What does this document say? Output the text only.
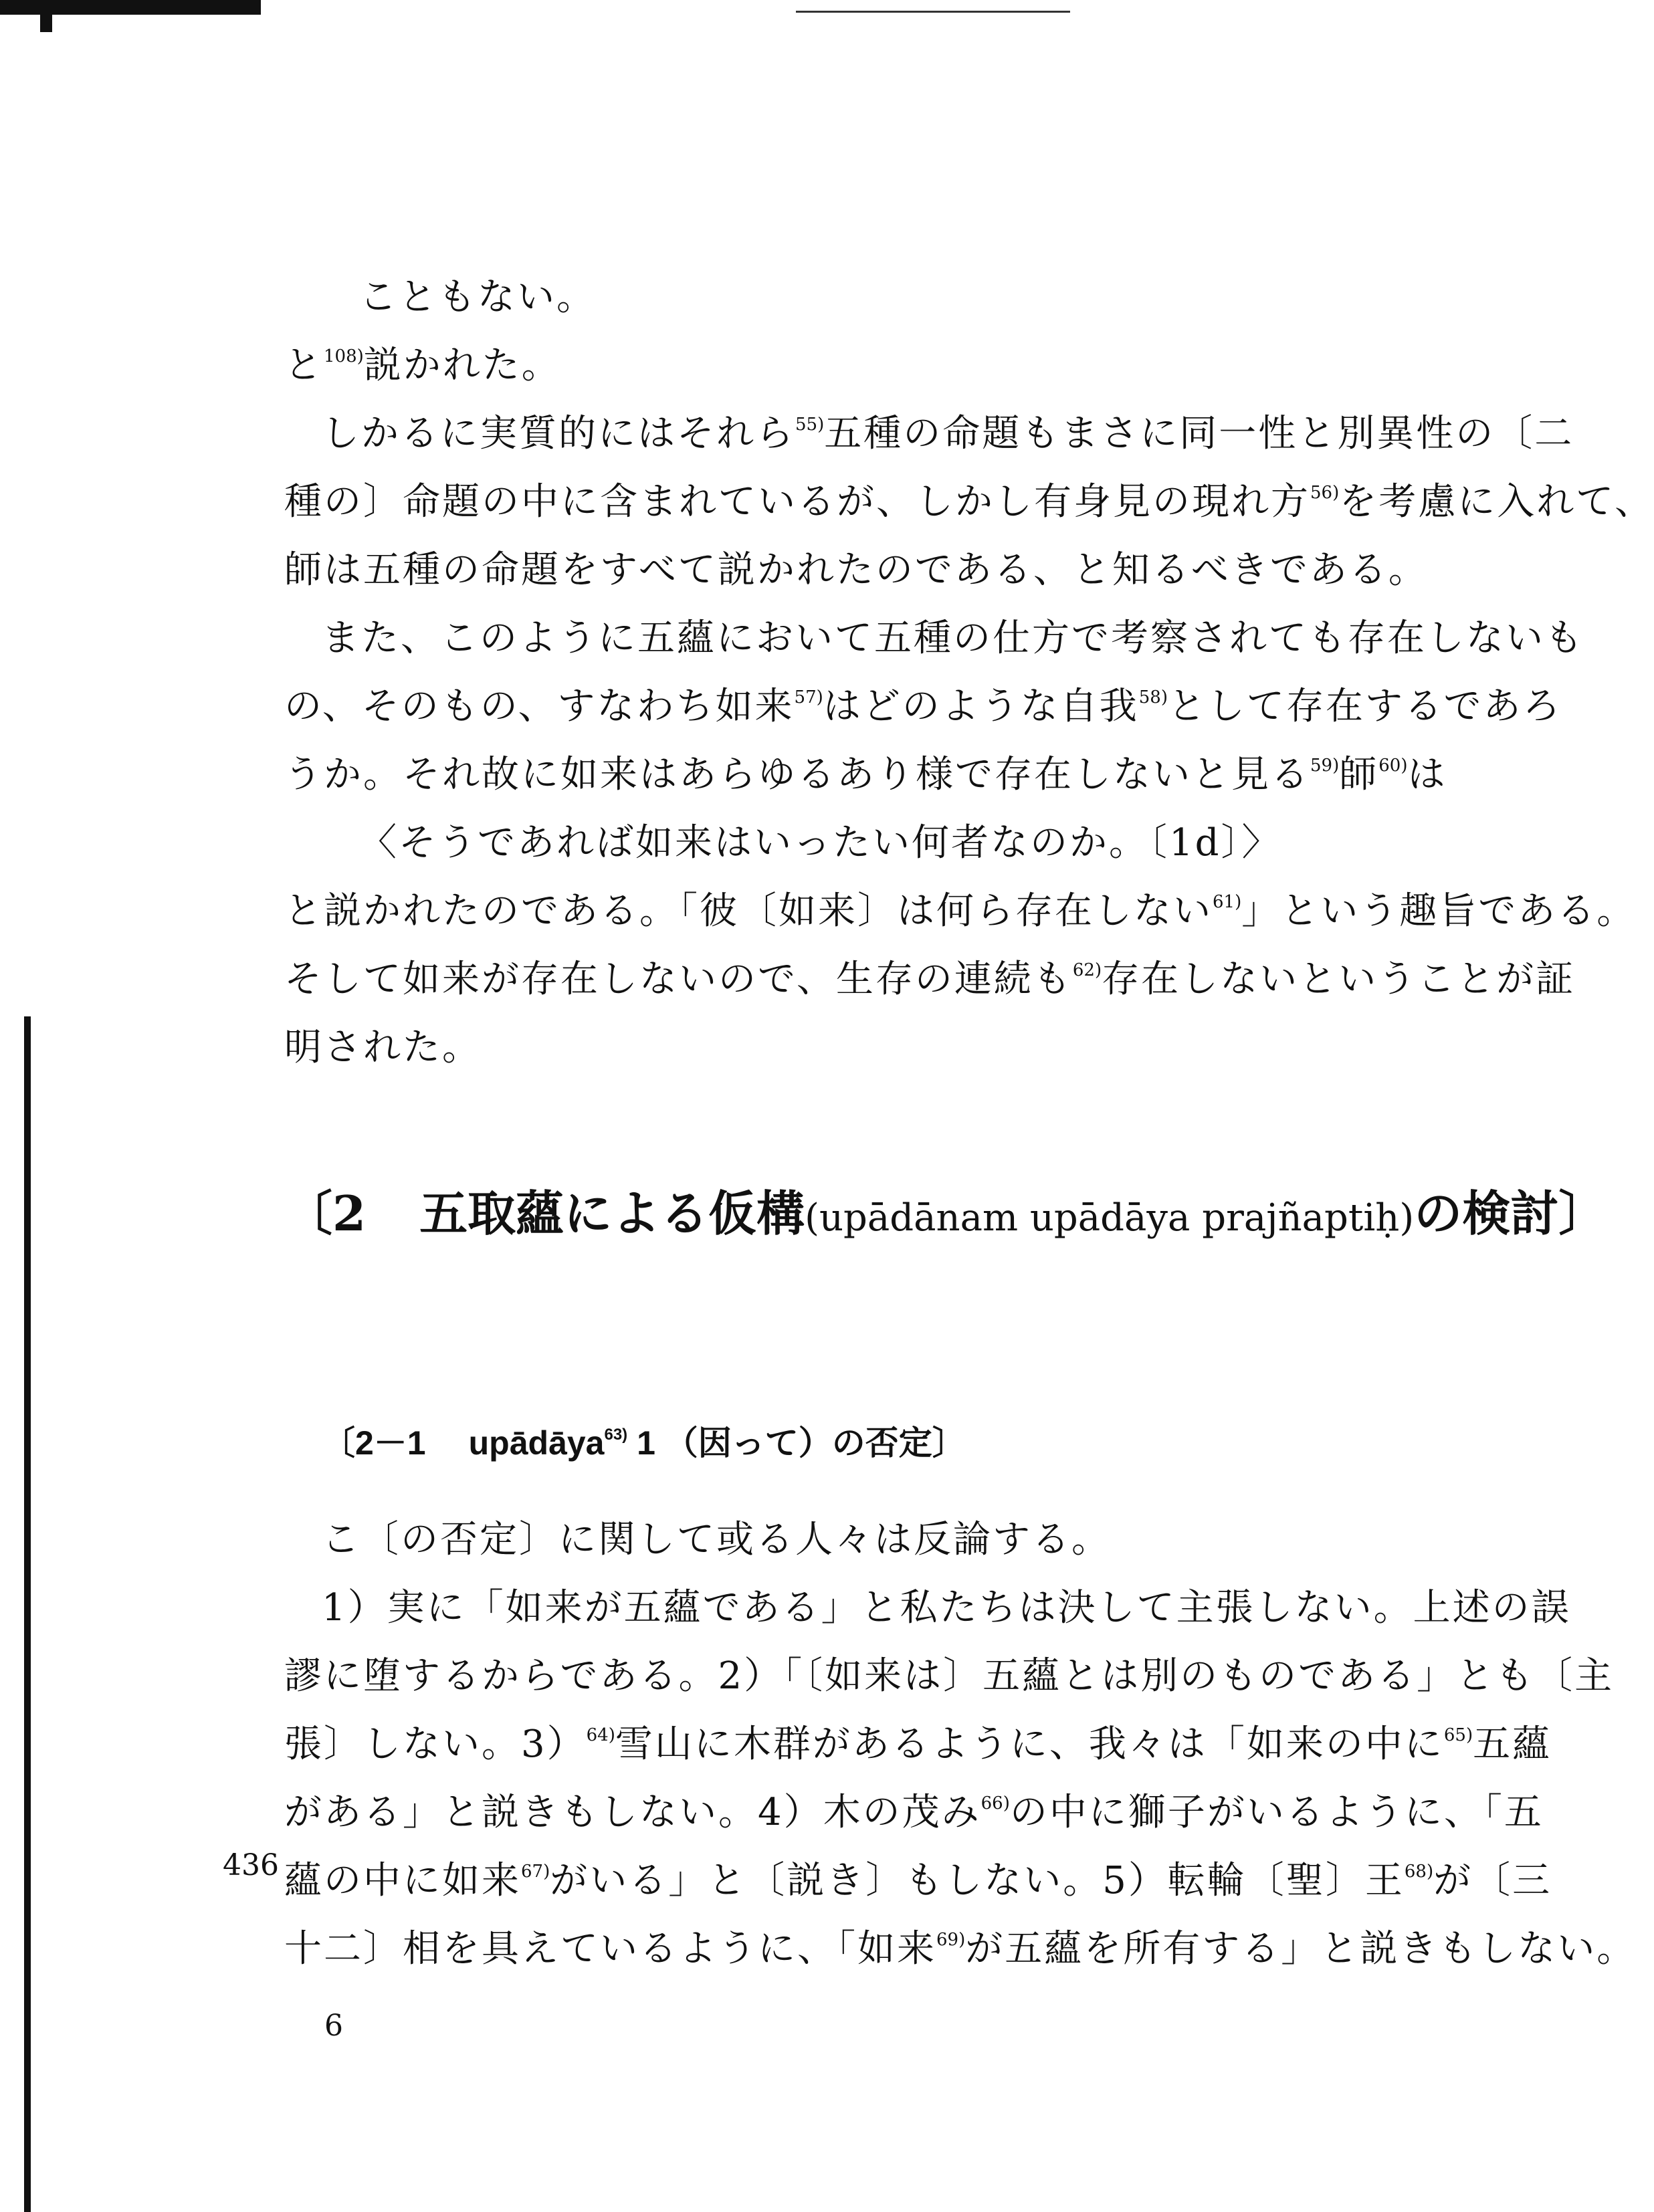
こともない。
と$^{108)}$説かれた。
しかるに実質的にはそれら$^{55)}$五種の命題もまさに同一性と別異性の〔二
種の〕命題の中に含まれているが、しかし有身見の現れ方$^{56)}$を考慮に入れて、
師は五種の命題をすべて説かれたのである、と知るべきである。
また、このように五蘊において五種の仕方で考察されても存在しないも
の、そのもの、すなわち如来$^{57)}$はどのような自我$^{58)}$として存在するであろ
うか。それ故に如来はあらゆるあり様で存在しないと見る$^{59)}$師$^{60)}$は
〈そうであれば如来はいったい何者なのか。〔1d〕〉
と説かれたのである。「彼〔如来〕は何ら存在しない$^{61)}$」という趣旨である。
そして如来が存在しないので、生存の連続も$^{62)}$存在しないということが証
明された。
〔2 五取蘊による仮構(upādānam upādāya prajñaptiḥ)の検討〕
〔2－1 upādāya$^{63)}$ 1 （因って）の否定〕
こ〔の否定〕に関して或る人々は反論する。
1）実に「如来が五蘊である」と私たちは決して主張しない。上述の誤
謬に堕するからである。2）「〔如来は〕五蘊とは別のものである」とも〔主
張〕しない。3）$^{64)}$雪山に木群があるように、我々は「如来の中に$^{65)}$五蘊
がある」と説きもしない。4）木の茂み$^{66)}$の中に獅子がいるように、「五
蘊の中に如来$^{67)}$がいる」と〔説き〕もしない。5）転輪〔聖〕王$^{68)}$が〔三
十二〕相を具えているように、「如来$^{69)}$が五蘊を所有する」と説きもしない。
436
6
